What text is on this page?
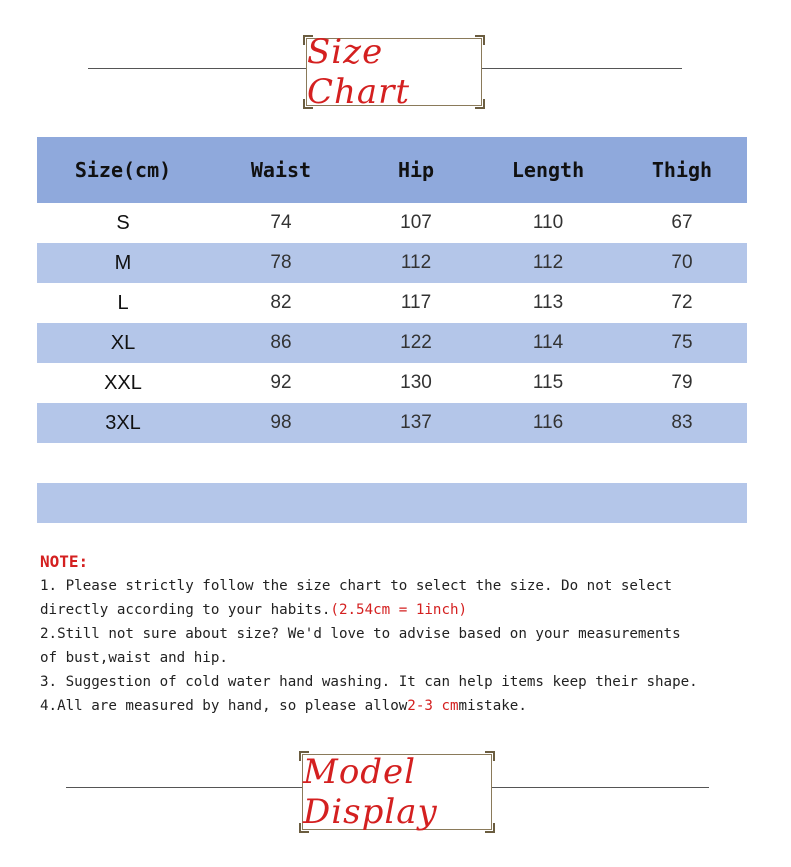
Size Chart
Size(cm)	Waist	Hip	Length	Thigh
S	74	107	110	67
M	78	112	112	70
L	82	117	113	72
XL	86	122	114	75
XXL	92	130	115	79
3XL	98	137	116	83
NOTE:
1. Please strictly follow the size chart to select the size. Do not select
directly according to your habits.(2.54cm = 1inch)
2.Still not sure about size? We'd love to advise based on your measurements
of bust,waist and hip.
3. Suggestion of cold water hand washing. It can help items keep their shape.
4.All are measured by hand, so please allow2-3 cmmistake.
Model Display
